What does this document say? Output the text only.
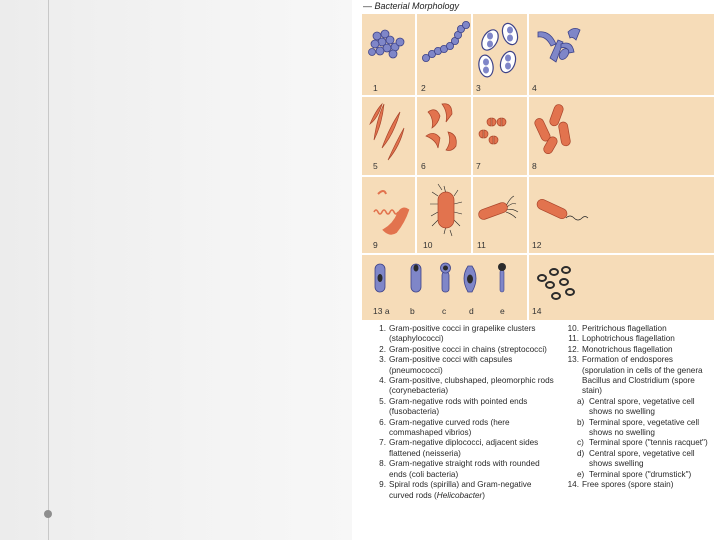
— Bacterial Morphology
1	2	3	4
5	6	7	8
9	10	11	12
13 a b	c	d	e	14
1. Gram-positive cocci in grapelike clusters (staphylococci)
2. Gram-positive cocci in chains (streptococci)
3. Gram-positive cocci with capsules (pneumococci)
4. Gram-positive, clubshaped, pleomorphic rods (corynebacteria)
5. Gram-negative rods with pointed ends (fusobacteria)
6. Gram-negative curved rods (here commashaped vibrios)
7. Gram-negative diplococci, adjacent sides flattened (neisseria)
8. Gram-negative straight rods with rounded ends (coli bacteria)
9. Spiral rods (spirilla) and Gram-negative curved rods (Helicobacter)
10. Peritrichous flagellation
11. Lophotrichous flagellation
12. Monotrichous flagellation
13. Formation of endospores (sporulation in cells of the genera Bacillus and Clostridium (spore stain)
a) Central spore, vegetative cell shows no swelling
b) Terminal spore, vegetative cell shows no swelling
c) Terminal spore ("tennis racquet")
d) Central spore, vegetative cell shows swelling
e) Terminal spore ("drumstick")
14. Free spores (spore stain)
